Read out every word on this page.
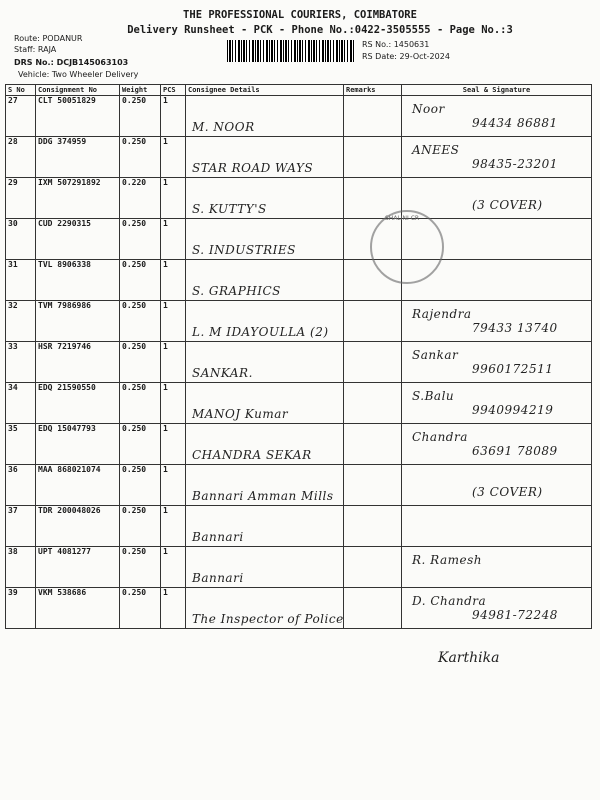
THE PROFESSIONAL COURIERS, COIMBATORE
Delivery Runsheet - PCK - Phone No.:0422-3505555 - Page No.:3
Route: PODANUR
Staff: RAJA
DRS No.: DCJB145063103
Vehicle: Two Wheeler Delivery
RS No.: 1450631
RS Date: 29-Oct-2024
S No	Consignment No	Weight	PCS	Consignee Details	Remarks	Seal & Signature
27	CLT 50051829	0.250	1	M. NOOR		Noor
94434 86881

28	DDG 374959	0.250	1	STAR ROAD WAYS		ANEES
98435-23201

29	IXM 507291892	0.220	1	S. KUTTY'S		(3 COVER)

30	CUD 2290315	0.250	1	S. INDUSTRIES		

31	TVL 8906338	0.250	1	S. GRAPHICS		

32	TVM 7986986	0.250	1	L. M IDAYOULLA (2)		Rajendra
79433 13740

33	HSR 7219746	0.250	1	SANKAR.		Sankar
9960172511

34	EDQ 21590550	0.250	1	MANOJ Kumar		S.Balu
9940994219

35	EDQ 15047793	0.250	1	CHANDRA SEKAR		Chandra
63691 78089

36	MAA 868021074	0.250	1	Bannari Amman Mills		(3 COVER)

37	TDR 200048026	0.250	1	Bannari		

38	UPT 4081277	0.250	1	Bannari		R. Ramesh

39	VKM 538686	0.250	1	The Inspector of Police		D. Chandra
94981-72248
SHALINI CR
Karthika
